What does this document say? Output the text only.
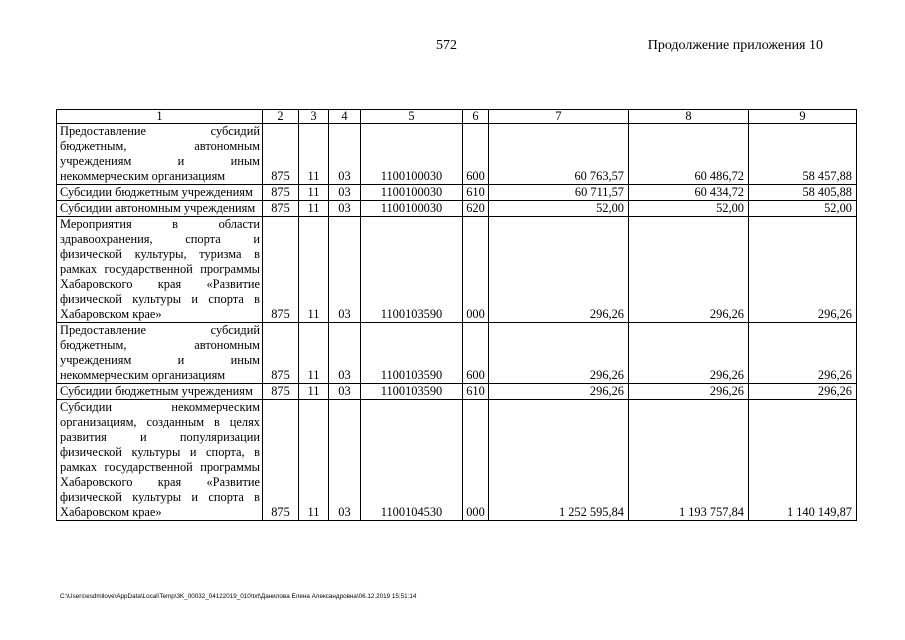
572	Продолжение приложения 10
1	2	3	4	5	6	7	8	9

Предоставление субсидий бюджетным, автономным учреждениям и иным некоммерческим организациям	875	11	03	1100100030	600	60 763,57	60 486,72	58 457,88

Субсидии бюджетным учреждениям	875	11	03	1100100030	610	60 711,57	60 434,72	58 405,88

Субсидии автономным учреждениям	875	11	03	1100100030	620	52,00	52,00	52,00

Мероприятия в области здравоохранения, спорта и физической культуры, туризма в рамках государственной программы Хабаровского края «Развитие физической культуры и спорта в Хабаровском крае»	875	11	03	1100103590	000	296,26	296,26	296,26

Предоставление субсидий бюджетным, автономным учреждениям и иным некоммерческим организациям	875	11	03	1100103590	600	296,26	296,26	296,26

Субсидии бюджетным учреждениям	875	11	03	1100103590	610	296,26	296,26	296,26

Субсидии некоммерческим организациям, созданным в целях развития и популяризации физической культуры и спорта, в рамках государственной программы Хабаровского края «Развитие физической культуры и спорта в Хабаровском крае»	875	11	03	1100104530	000	1 252 595,84	1 193 757,84	1 140 149,87
C:\Users\esdmilove\AppData\Local\Temp\3K_00032_04122019_010\txt\Данилова Елена Александровна\06.12.2019 15:51:14
